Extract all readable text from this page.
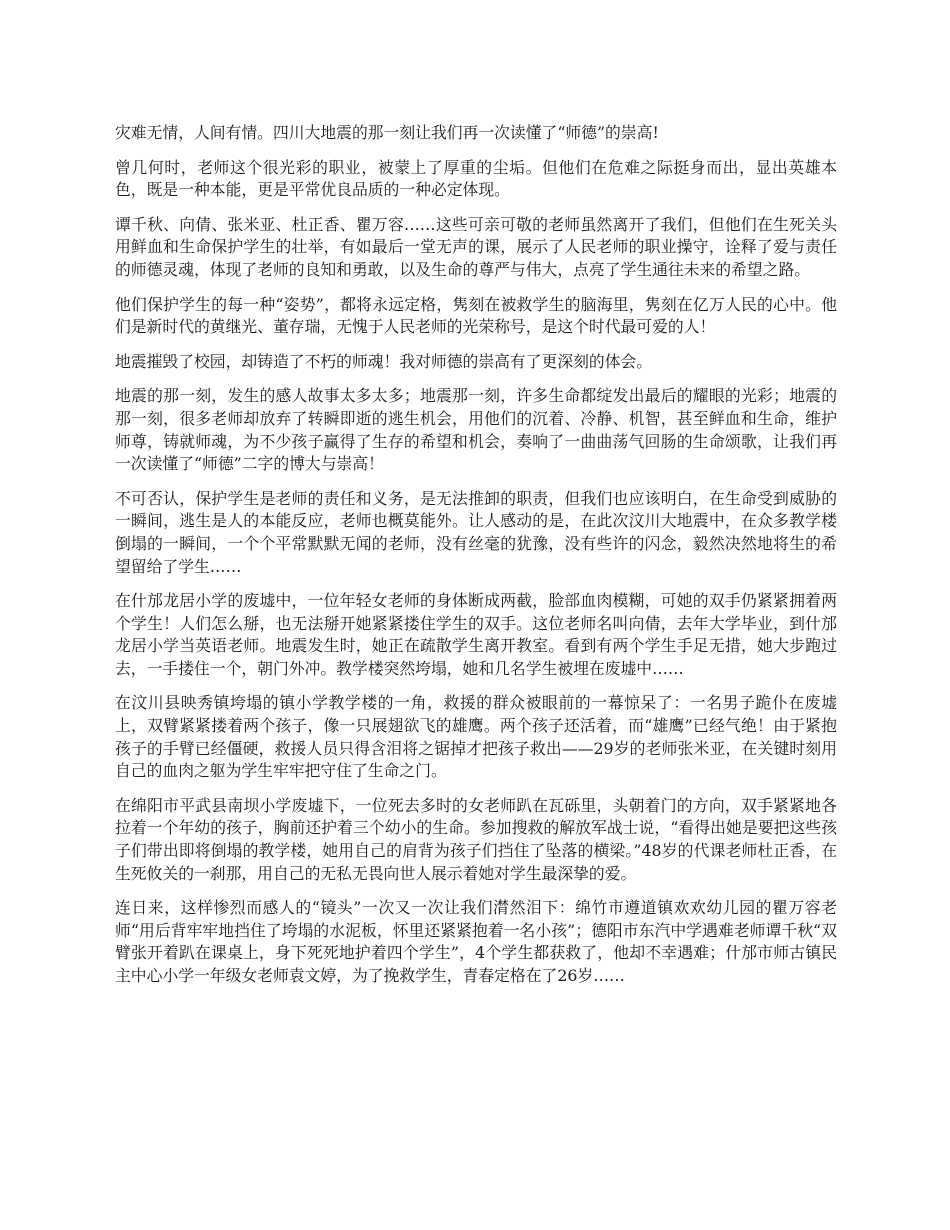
灾难无情，人间有情。四川大地震的那一刻让我们再一次读懂了“师德”的崇高!

曾几何时，老师这个很光彩的职业，被蒙上了厚重的尘垢。但他们在危难之际挺身而出，显出英雄本色，既是一种本能，更是平常优良品质的一种必定体现。

谭千秋、向倩、张米亚、杜正香、瞿万容……这些可亲可敬的老师虽然离开了我们，但他们在生死关头用鲜血和生命保护学生的壮举，有如最后一堂无声的课，展示了人民老师的职业操守，诠释了爱与责任的师德灵魂，体现了老师的良知和勇敢，以及生命的尊严与伟大，点亮了学生通往未来的希望之路。

他们保护学生的每一种“姿势”，都将永远定格，隽刻在被救学生的脑海里，隽刻在亿万人民的心中。他们是新时代的黄继光、董存瑞，无愧于人民老师的光荣称号，是这个时代最可爱的人！

地震摧毁了校园，却铸造了不朽的师魂！我对师德的崇高有了更深刻的体会。

地震的那一刻，发生的感人故事太多太多；地震那一刻，许多生命都绽发出最后的耀眼的光彩；地震的那一刻，很多老师却放弃了转瞬即逝的逃生机会，用他们的沉着、冷静、机智，甚至鲜血和生命，维护师尊，铸就师魂，为不少孩子赢得了生存的希望和机会，奏响了一曲曲荡气回肠的生命颂歌，让我们再一次读懂了“师德”二字的博大与崇高！

不可否认，保护学生是老师的责任和义务，是无法推卸的职责，但我们也应该明白，在生命受到威胁的一瞬间，逃生是人的本能反应，老师也概莫能外。让人感动的是，在此次汶川大地震中，在众多教学楼倒塌的一瞬间，一个个平常默默无闻的老师，没有丝毫的犹豫，没有些许的闪念，毅然决然地将生的希望留给了学生……

在什邡龙居小学的废墟中，一位年轻女老师的身体断成两截，脸部血肉模糊，可她的双手仍紧紧拥着两个学生！人们怎么掰，也无法掰开她紧紧搂住学生的双手。这位老师名叫向倩，去年大学毕业，到什邡龙居小学当英语老师。地震发生时，她正在疏散学生离开教室。看到有两个学生手足无措，她大步跑过去，一手搂住一个，朝门外冲。教学楼突然垮塌，她和几名学生被埋在废墟中……

在汶川县映秀镇垮塌的镇小学教学楼的一角，救援的群众被眼前的一幕惊呆了：一名男子跪仆在废墟上，双臂紧紧搂着两个孩子，像一只展翅欲飞的雄鹰。两个孩子还活着，而“雄鹰”已经气绝！由于紧抱孩子的手臂已经僵硬，救援人员只得含泪将之锯掉才把孩子救出——29岁的老师张米亚，在关键时刻用自己的血肉之躯为学生牢牢把守住了生命之门。

在绵阳市平武县南坝小学废墟下，一位死去多时的女老师趴在瓦砾里，头朝着门的方向，双手紧紧地各拉着一个年幼的孩子，胸前还护着三个幼小的生命。参加搜救的解放军战士说，“看得出她是要把这些孩子们带出即将倒塌的教学楼，她用自己的肩背为孩子们挡住了坠落的横梁。”48岁的代课老师杜正香，在生死攸关的一刹那，用自己的无私无畏向世人展示着她对学生最深挚的爱。

连日来，这样惨烈而感人的“镜头”一次又一次让我们潸然泪下：绵竹市遵道镇欢欢幼儿园的瞿万容老师“用后背牢牢地挡住了垮塌的水泥板，怀里还紧紧抱着一名小孩”；德阳市东汽中学遇难老师谭千秋“双臂张开着趴在课桌上，身下死死地护着四个学生”，4个学生都获救了，他却不幸遇难；什邡市师古镇民主中心小学一年级女老师袁文婷，为了挽救学生，青春定格在了26岁……
